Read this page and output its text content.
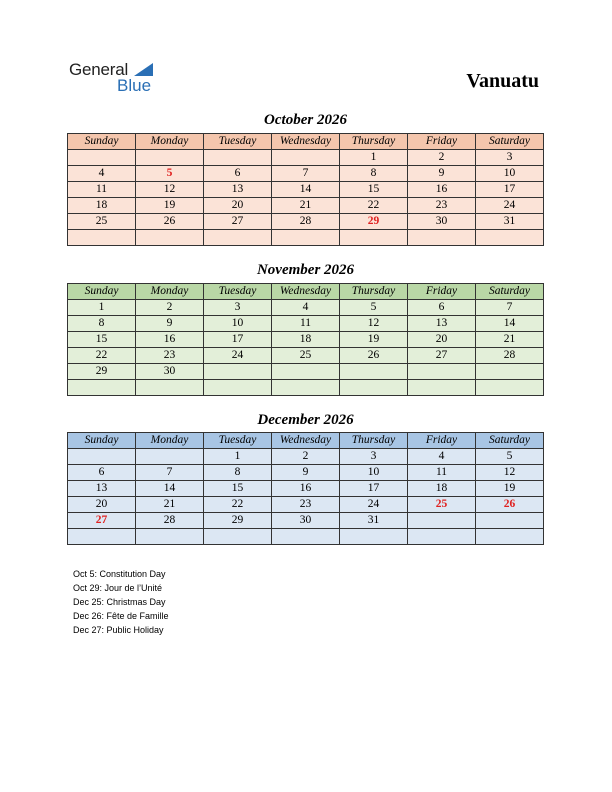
General
Blue	Vanuatu
October 2026
Sunday	Monday	Tuesday	Wednesday	Thursday	Friday	Saturday
				1	2	3
4	5	6	7	8	9	10
11	12	13	14	15	16	17
18	19	20	21	22	23	24
25	26	27	28	29	30	31

November 2026
Sunday	Monday	Tuesday	Wednesday	Thursday	Friday	Saturday
1	2	3	4	5	6	7
8	9	10	11	12	13	14
15	16	17	18	19	20	21
22	23	24	25	26	27	28
29	30					

December 2026
Sunday	Monday	Tuesday	Wednesday	Thursday	Friday	Saturday
		1	2	3	4	5
6	7	8	9	10	11	12
13	14	15	16	17	18	19
20	21	22	23	24	25	26
27	28	29	30	31		

Oct 5: Constitution Day
Oct 29: Jour de l’Unité
Dec 25: Christmas Day
Dec 26: Fête de Famille
Dec 27: Public Holiday
